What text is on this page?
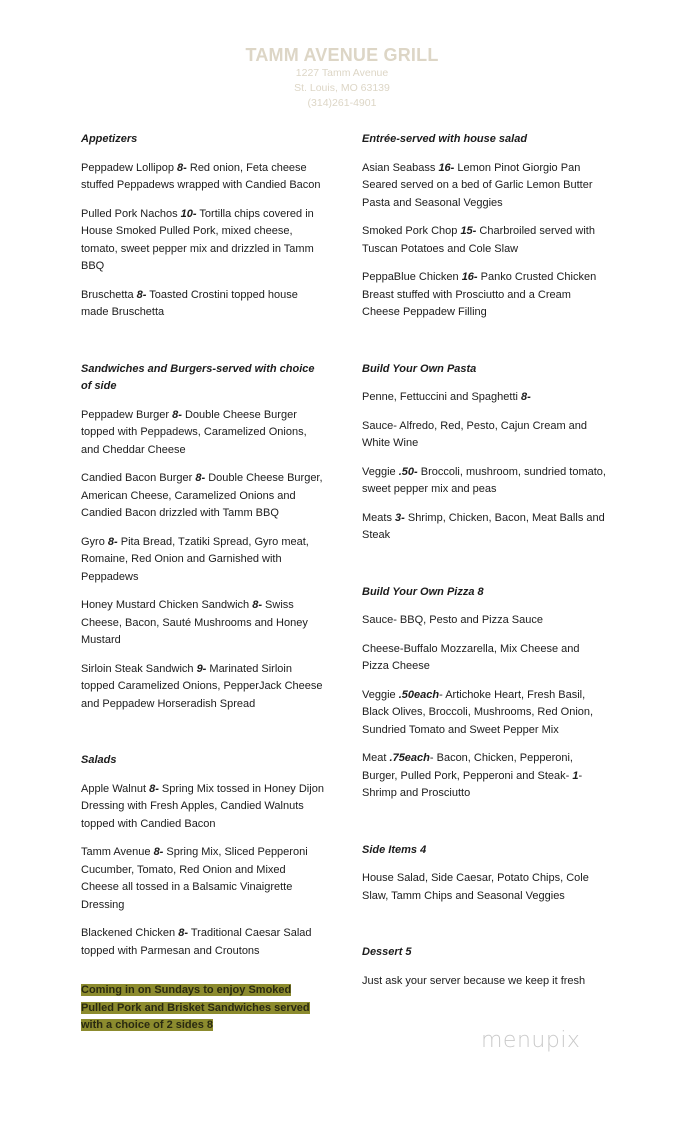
TAMM AVENUE GRILL
1227 Tamm Avenue
St. Louis, MO 63139
(314)261-4901
Appetizers
Peppadew Lollipop 8- Red onion, Feta cheese stuffed Peppadews wrapped with Candied Bacon
Pulled Pork Nachos 10- Tortilla chips covered in House Smoked Pulled Pork, mixed cheese, tomato, sweet pepper mix and drizzled in Tamm BBQ
Bruschetta 8- Toasted Crostini topped house made Bruschetta
Sandwiches and Burgers-served with choice of side
Peppadew Burger 8- Double Cheese Burger topped with Peppadews, Caramelized Onions, and Cheddar Cheese
Candied Bacon Burger 8- Double Cheese Burger, American Cheese, Caramelized Onions and Candied Bacon drizzled with Tamm BBQ
Gyro 8- Pita Bread, Tzatiki Spread, Gyro meat, Romaine, Red Onion and Garnished with Peppadews
Honey Mustard Chicken Sandwich 8- Swiss Cheese, Bacon, Sauté Mushrooms and Honey Mustard
Sirloin Steak Sandwich 9- Marinated Sirloin topped Caramelized Onions, PepperJack Cheese and Peppadew Horseradish Spread
Salads
Apple Walnut 8- Spring Mix tossed in Honey Dijon Dressing with Fresh Apples, Candied Walnuts topped with Candied Bacon
Tamm Avenue 8- Spring Mix, Sliced Pepperoni Cucumber, Tomato, Red Onion and Mixed Cheese all tossed in a Balsamic Vinaigrette Dressing
Blackened Chicken 8- Traditional Caesar Salad topped with Parmesan and Croutons
Coming in on Sundays to enjoy Smoked Pulled Pork and Brisket Sandwiches served with a choice of 2 sides 8
Entrée-served with house salad
Asian Seabass 16- Lemon Pinot Giorgio Pan Seared served on a bed of Garlic Lemon Butter Pasta and Seasonal Veggies
Smoked Pork Chop 15- Charbroiled served with Tuscan Potatoes and Cole Slaw
PeppaBlue Chicken 16- Panko Crusted Chicken Breast stuffed with Prosciutto and a Cream Cheese Peppadew Filling
Build Your Own Pasta
Penne, Fettuccini and Spaghetti 8-
Sauce- Alfredo, Red, Pesto, Cajun Cream and White Wine
Veggie .50- Broccoli, mushroom, sundried tomato, sweet pepper mix and peas
Meats 3- Shrimp, Chicken, Bacon, Meat Balls and Steak
Build Your Own Pizza 8
Sauce- BBQ, Pesto and Pizza Sauce
Cheese-Buffalo Mozzarella, Mix Cheese and Pizza Cheese
Veggie .50each- Artichoke Heart, Fresh Basil, Black Olives, Broccoli, Mushrooms, Red Onion, Sundried Tomato and Sweet Pepper Mix
Meat .75each- Bacon, Chicken, Pepperoni, Burger, Pulled Pork, Pepperoni and Steak- 1- Shrimp and Prosciutto
Side Items 4
House Salad, Side Caesar, Potato Chips, Cole Slaw, Tamm Chips and Seasonal Veggies
Dessert 5
Just ask your server because we keep it fresh
menupix
